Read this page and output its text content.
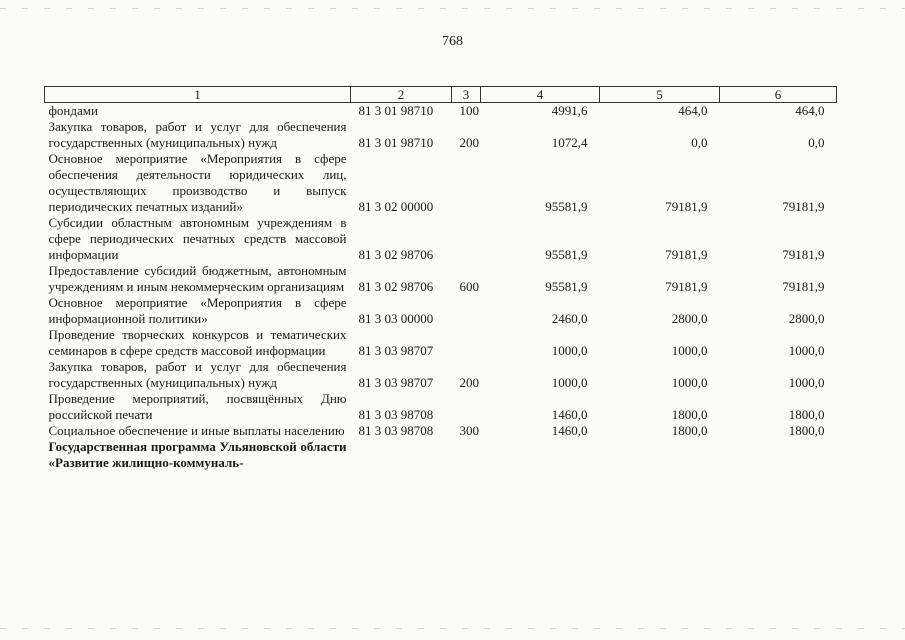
768
1	2	3	4	5	6
фондами	81 3 01 98710	100	4991,6	464,0	464,0
Закупка товаров, работ и услуг для обеспечения государственных (муниципальных) нужд	81 3 01 98710	200	1072,4	0,0	0,0
Основное мероприятие «Мероприятия в сфере обеспечения деятельности юридических лиц, осуществляющих производство и выпуск периодических печатных изданий»	81 3 02 00000		95581,9	79181,9	79181,9
Субсидии областным автономным учреждениям в сфере периодических печатных средств массовой информации	81 3 02 98706		95581,9	79181,9	79181,9
Предоставление субсидий бюджетным, автономным учреждениям и иным некоммерческим организациям	81 3 02 98706	600	95581,9	79181,9	79181,9
Основное мероприятие «Мероприятия в сфере информационной политики»	81 3 03 00000		2460,0	2800,0	2800,0
Проведение творческих конкурсов и тематических семинаров в сфере средств массовой информации	81 3 03 98707		1000,0	1000,0	1000,0
Закупка товаров, работ и услуг для обеспечения государственных (муниципальных) нужд	81 3 03 98707	200	1000,0	1000,0	1000,0
Проведение мероприятий, посвящённых Дню российской печати	81 3 03 98708		1460,0	1800,0	1800,0
Социальное обеспечение и иные выплаты населению	81 3 03 98708	300	1460,0	1800,0	1800,0
Государственная программа Ульяновской области «Развитие жилищно-коммуналь-					
